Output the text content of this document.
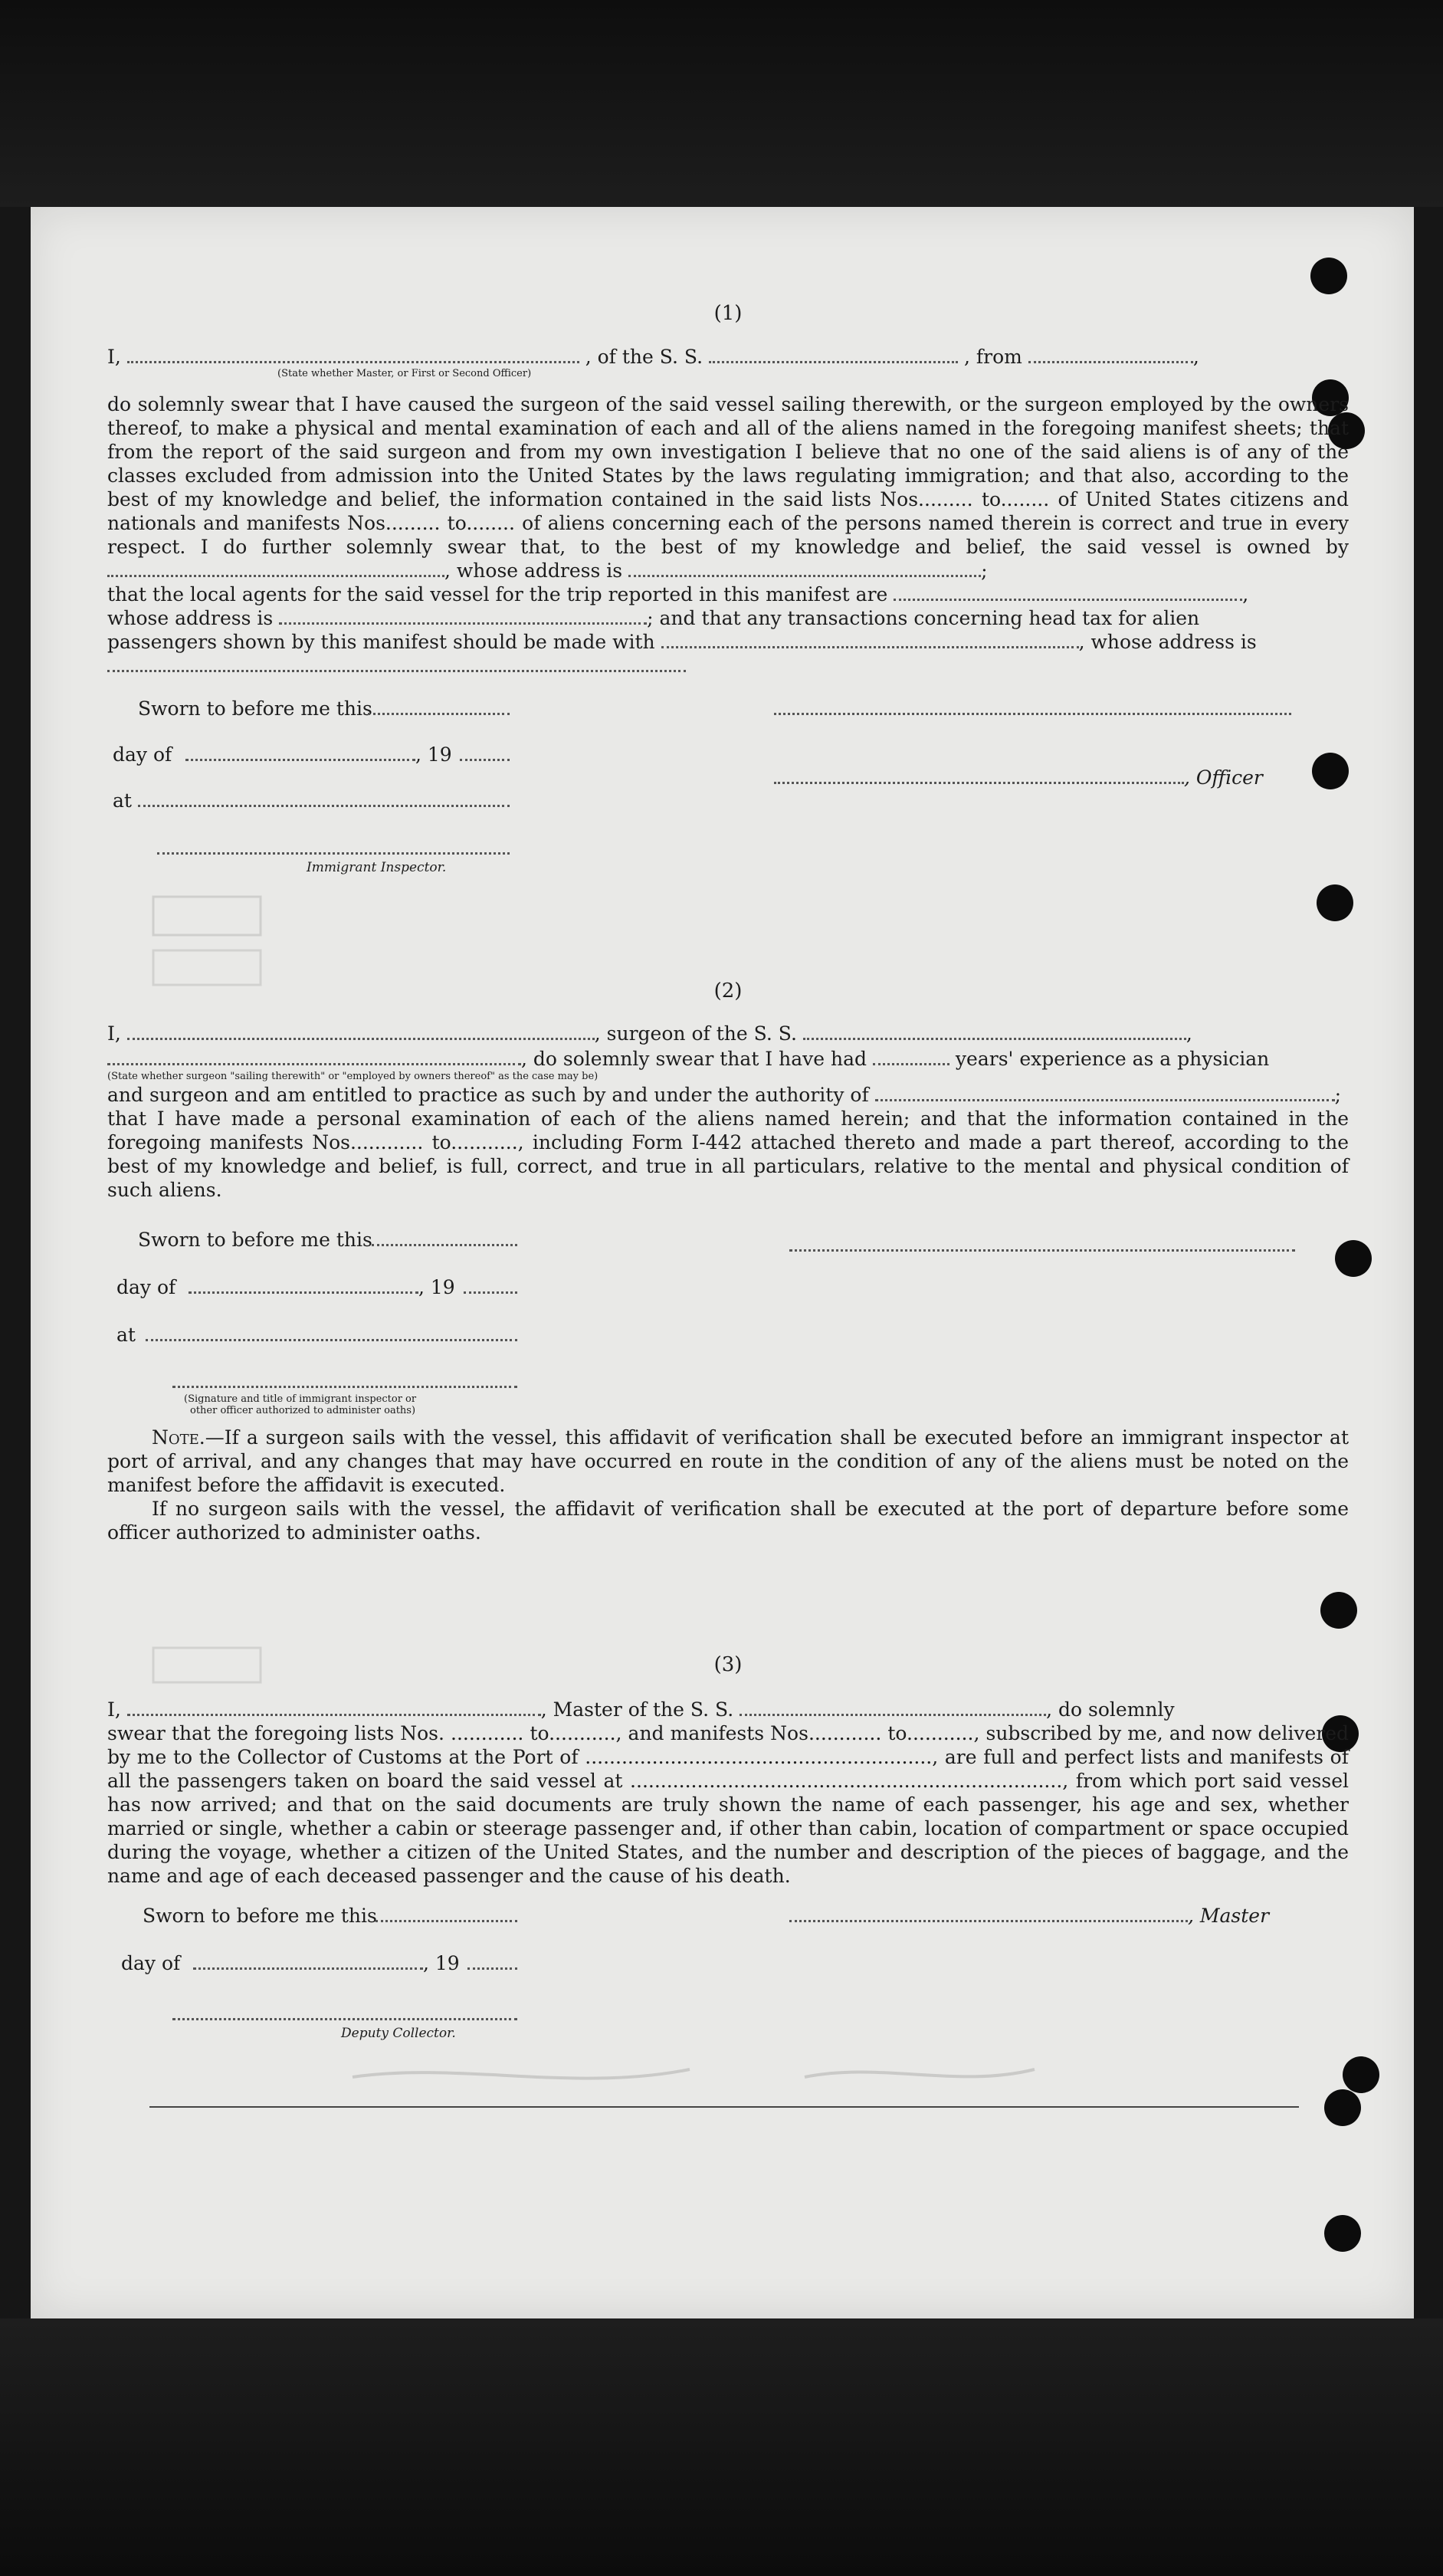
(1)
I,	, of the S. S.	, from	,
(State whether Master, or First or Second Officer)

do solemnly swear that I have caused the surgeon of the said vessel sailing therewith, or the surgeon employed by the owners thereof, to make a physical and mental examination of each and all of the aliens named in the foregoing manifest sheets; that from the report of the said surgeon and from my own investigation I believe that no one of the said aliens is of any of the classes excluded from admission into the United States by the laws regulating immigration; and that also, according to the best of my knowledge and belief, the information contained in the said lists Nos......... to........ of United States citizens and nationals and manifests Nos......... to........ of aliens concerning each of the persons named therein is correct and true in every respect. I do further solemnly swear that, to the best of my knowledge and belief, the said vessel is owned by , whose address is	;

that the local agents for the said vessel for the trip reported in this manifest are	,
whose address is	; and that any transactions concerning head tax for alien
passengers shown by this manifest should be made with	, whose address is
Sworn to before me this
day of	, 19
at
Immigrant Inspector.
, Officer
(2)
I,	, surgeon of the S. S.	,
, do solemnly swear that I have had	years' experience as a physician
(State whether surgeon "sailing therewith" or "employed by owners thereof" as the case may be)
and surgeon and am entitled to practice as such by and under the authority of	;

that I have made a personal examination of each of the aliens named herein; and that the information contained in the foregoing manifests Nos............ to..........., including Form I-442 attached thereto and made a part thereof, according to the best of my knowledge and belief, is full, correct, and true in all particulars, relative to the mental and physical condition of such aliens.

Sworn to before me this
day of	, 19
at
(Signature and title of immigrant inspector or
other officer authorized to administer oaths)

Note.—If a surgeon sails with the vessel, this affidavit of verification shall be executed before an immigrant inspector at port of arrival, and any changes that may have occurred en route in the condition of any of the aliens must be noted on the manifest before the affidavit is executed.

If no surgeon sails with the vessel, the affidavit of verification shall be executed at the port of departure before some officer authorized to administer oaths.

(3)
I,	, Master of the S. S.	, do solemnly

swear that the foregoing lists Nos. ............ to..........., and manifests Nos............ to..........., subscribed by me, and now delivered by me to the Collector of Customs at the Port of ........................................................., are full and perfect lists and manifests of all the passengers taken on board the said vessel at ......................................................................., from which port said vessel has now arrived; and that on the said documents are truly shown the name of each passenger, his age and sex, whether married or single, whether a cabin or steerage passenger and, if other than cabin, location of compartment or space occupied during the voyage, whether a citizen of the United States, and the number and description of the pieces of baggage, and the name and age of each deceased passenger and the cause of his death.

Sworn to before me this	, Master
day of	, 19
Deputy Collector.
